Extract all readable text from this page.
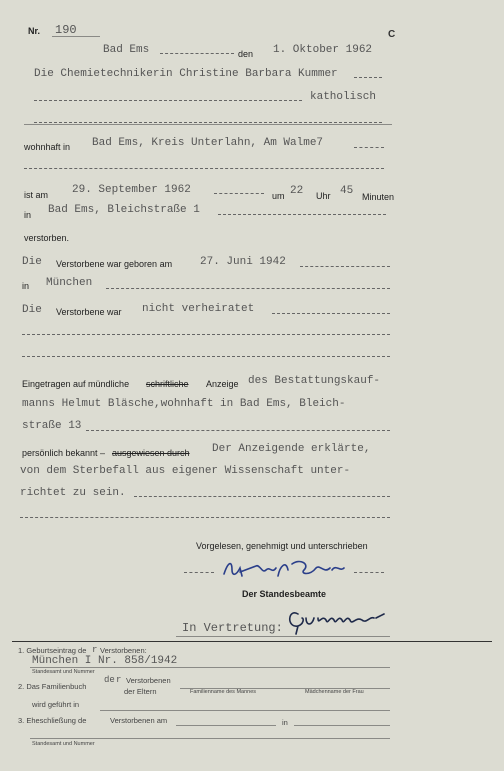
Nr. 190	C
Bad Ems	den 1. Oktober 1962
Die Chemietechnikerin Christine Barbara Kummer
katholisch
wohnhaft in Bad Ems, Kreis Unterlahn, Am Walme7
ist am 29. September 1962	um 22 Uhr 45 Minuten
in Bad Ems, Bleichstraße 1
verstorben.
Die Verstorbene war geboren am	27. Juni 1942
in München
Die Verstorbene war nicht verheiratet
Eingetragen auf mündliche schriftliche Anzeige des Bestattungskauf-
manns Helmut Bläsche,wohnhaft in Bad Ems, Bleich-
straße 13
persönlich bekannt – ausgewiesen durch Der Anzeigende erklärte,
von dem Sterbefall aus eigener Wissenschaft unter-
richtet zu sein.
Vorgelesen, genehmigt und unterschrieben
Der Standesbeamte
In Vertretung:
1. Geburtseintrag de r Verstorbenen:
München I Nr. 858/1942
Standesamt und Nummer
2. Das Familienbuch
de r Verstorbenen
der Eltern	Familienname des Mannes	Mädchenname der Frau
wird geführt in
3. Eheschließung de	Verstorbenen am	in
Standesamt und Nummer
